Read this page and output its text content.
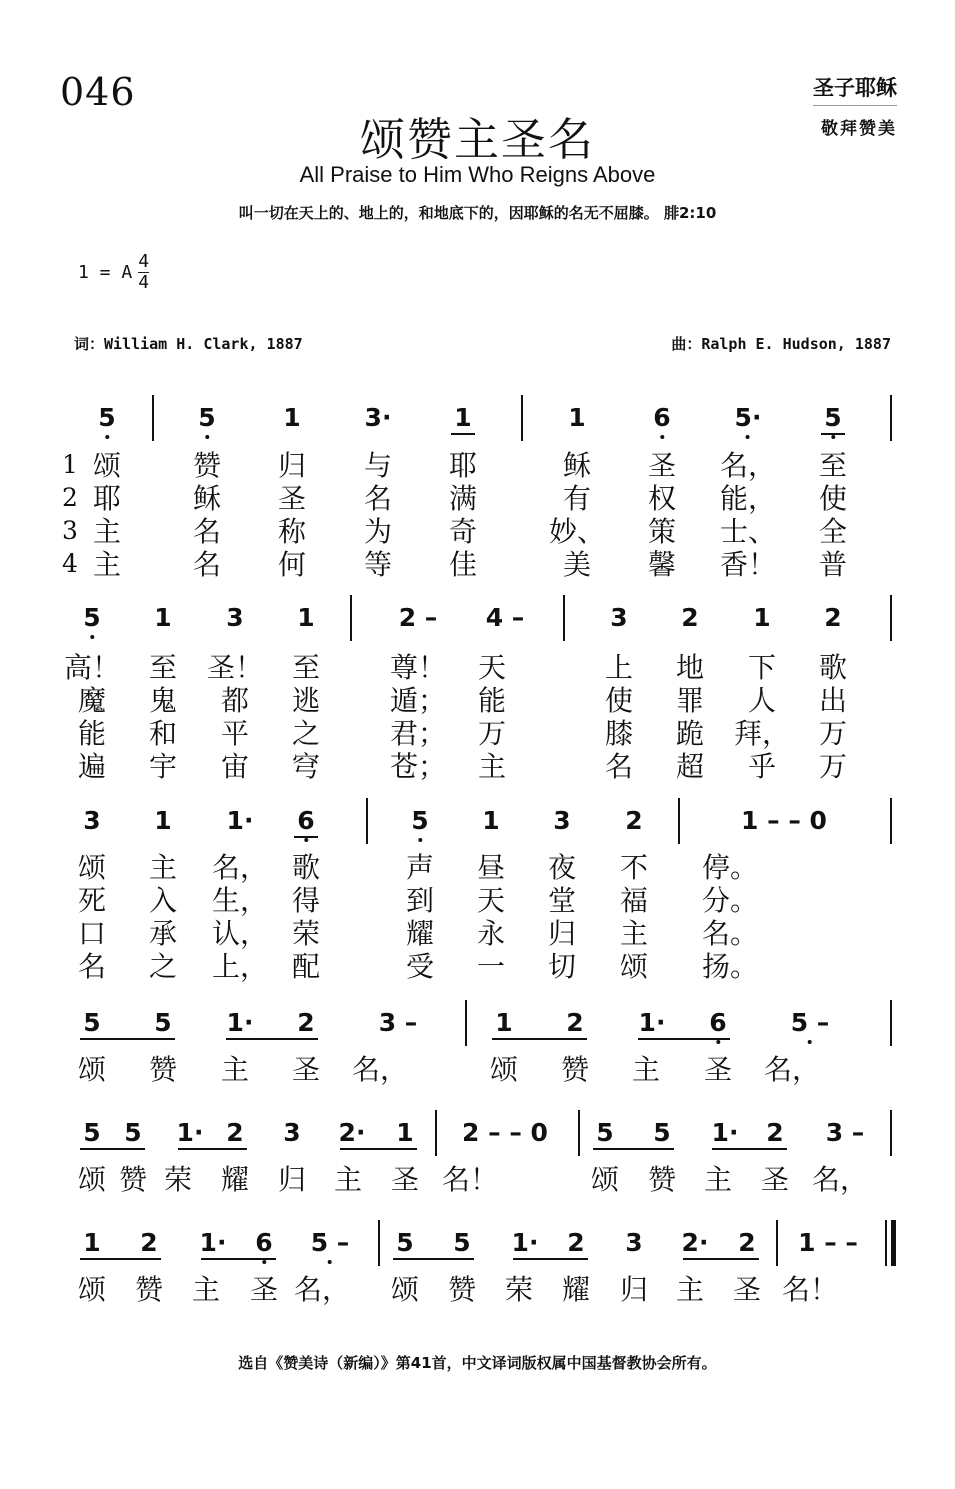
046	圣子耶稣
敬拜赞美
颂赞主圣名
All Praise to Him Who Reigns Above
叫一切在天上的、地上的，和地底下的，因耶稣的名无不屈膝。 腓2:10
1 = A $\frac{4}{4}$
词：William H. Clark, 1887	曲：Ralph E. Hudson, 1887
5	5	1	3·	1	1	6	5·	5
1 颂	赞 归 与 耶	稣 圣 名， 至
2 耶	稣 圣 名 满	有 权 能， 使
3 主	名 称 为 奇	妙、 策 士、 全
4 主	名 何 等 佳	美 馨 香！ 普
5 1 3 1	2 – 4 –	3 2 1 2
高！ 至 圣！ 至 尊！ 天	上 地 下 歌
魔 鬼 都 逃 遁； 能	使 罪 人 出
能 和 平 之 君； 万	膝 跪 拜， 万
遍 宇 宙 穹 苍； 主	名 超 乎 万
3 1 1· 6	5 1 3 2	1 – – 0
颂 主 名， 歌	声 昼 夜 不 停。
死 入 生， 得	到 天 堂 福 分。
口 承 认， 荣	耀 永 归 主 名。
名 之 上， 配	受 一 切 颂 扬。
5 5 1· 2	3 –	1 2 1· 6	5 –
颂 赞 主 圣 名，	颂 赞 主 圣 名，
5 5 1· 2 3 2· 1 2 – – 0 5 5 1· 2 3 –
颂 赞 荣 耀 归 主 圣 名！	颂 赞 主 圣 名，
1 2 1· 6 5 – 5 5 1· 2 3 2· 2 1 – –
颂 赞 主 圣 名， 颂 赞 荣 耀 归 主 圣 名！
选自《赞美诗（新编）》第41首，中文译词版权属中国基督教协会所有。
